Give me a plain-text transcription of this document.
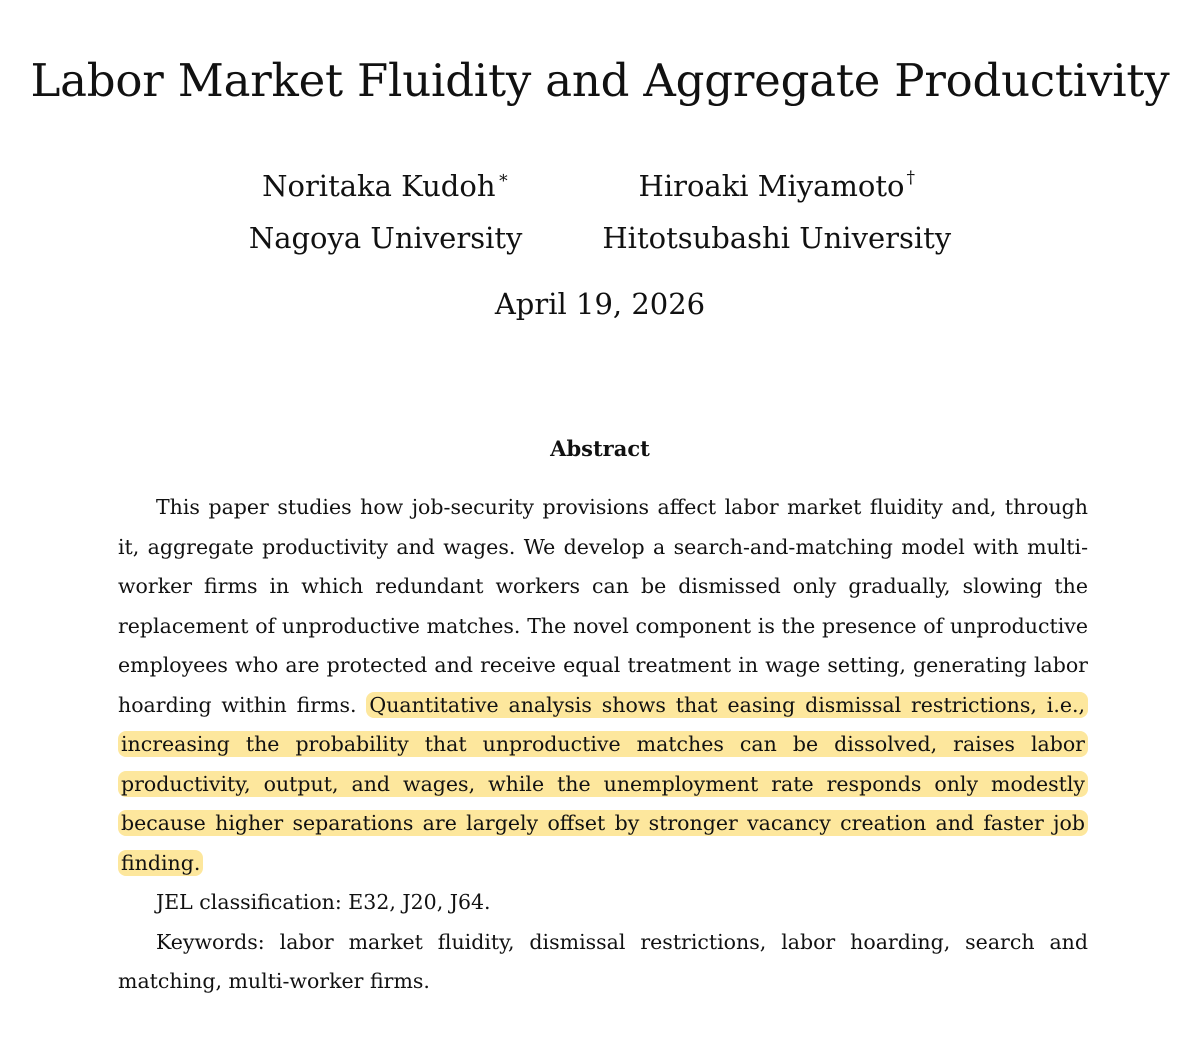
Labor Market Fluidity and Aggregate Productivity
Noritaka Kudoh ∗
Nagoya University
Hiroaki Miyamoto †
Hitotsubashi University
April 19, 2026
Abstract

This paper studies how job-security provisions affect labor market fluidity and, through it, aggregate productivity and wages. We develop a search-and-matching model with multi-worker firms in which redundant workers can be dismissed only gradually, slowing the replacement of unproductive matches. The novel component is the presence of unproductive employees who are protected and receive equal treatment in wage setting, generating labor hoarding within firms. Quantitative analysis shows that easing dismissal restrictions, i.e., increasing the probability that unproductive matches can be dissolved, raises labor productivity, output, and wages, while the unemployment rate responds only modestly because higher separations are largely offset by stronger vacancy creation and faster job finding.

JEL classification: E32, J20, J64.

Keywords: labor market fluidity, dismissal restrictions, labor hoarding, search and matching, multi-worker firms.
